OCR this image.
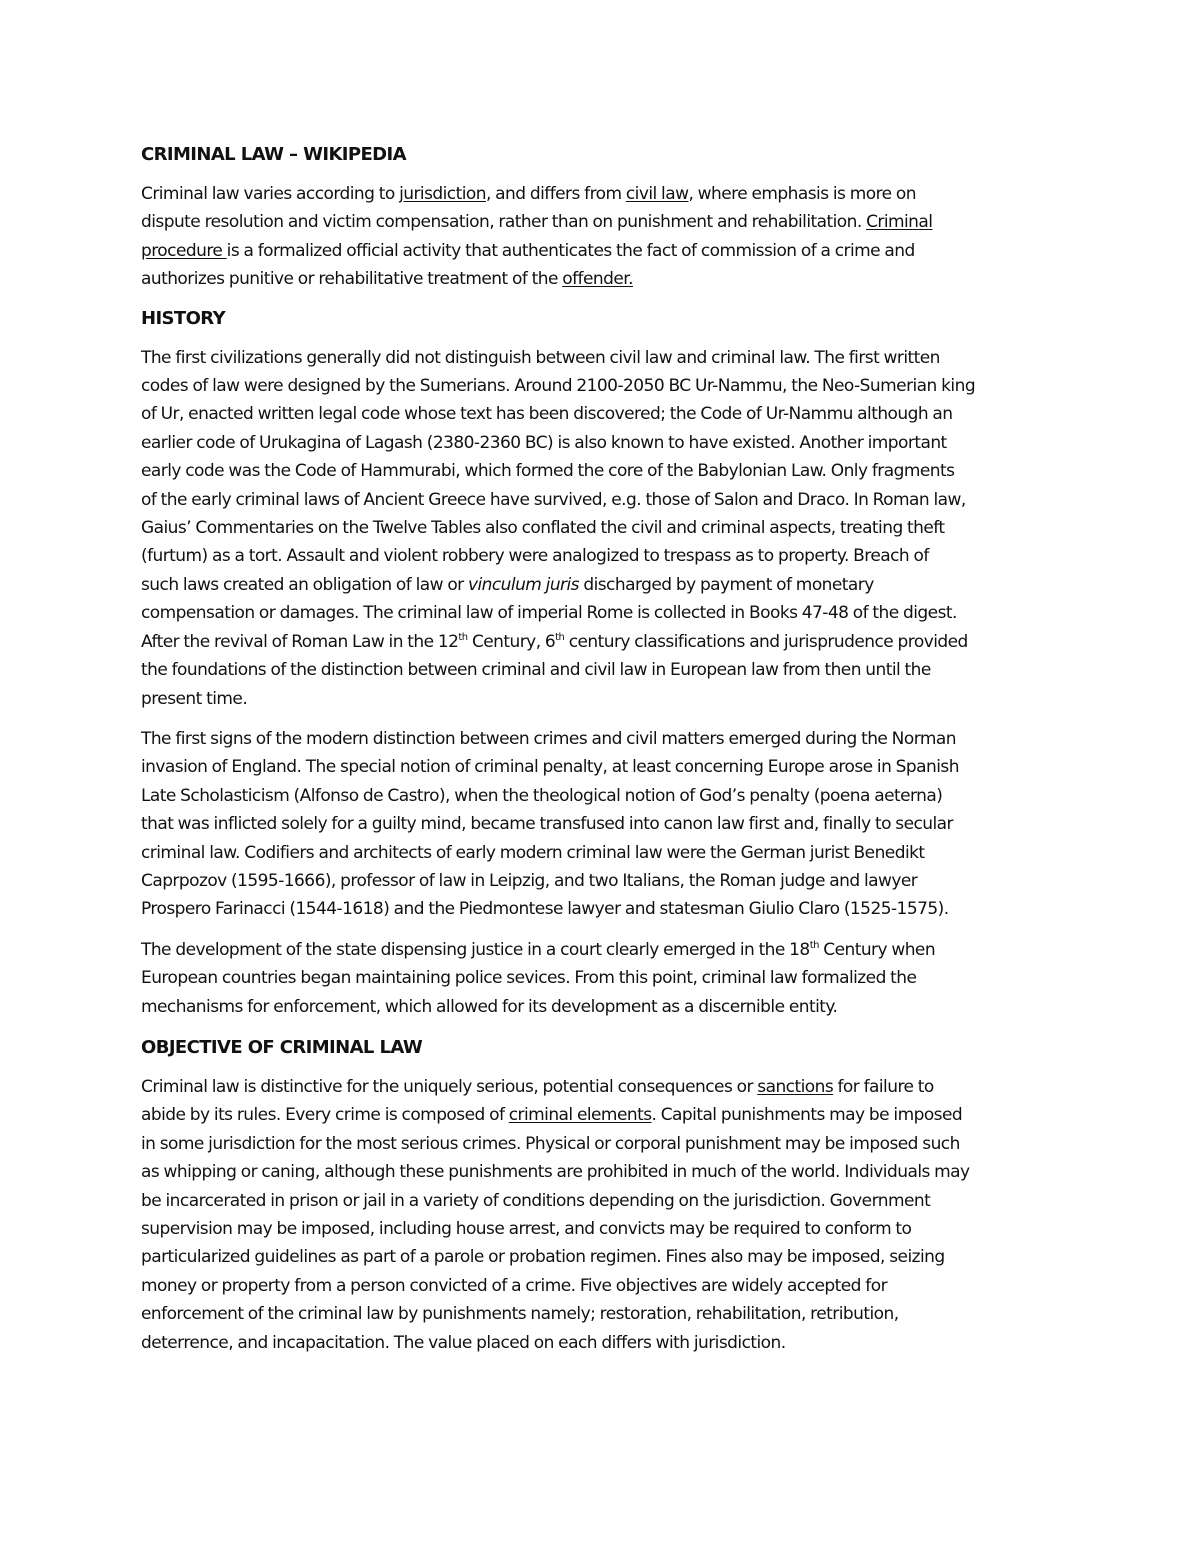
CRIMINAL LAW – WIKIPEDIA

Criminal law varies according to jurisdiction, and differs from civil law, where emphasis is more on
dispute resolution and victim compensation, rather than on punishment and rehabilitation. Criminal
procedure is a formalized official activity that authenticates the fact of commission of a crime and
authorizes punitive or rehabilitative treatment of the offender.

HISTORY

The first civilizations generally did not distinguish between civil law and criminal law. The first written
codes of law were designed by the Sumerians. Around 2100-2050 BC Ur-Nammu, the Neo-Sumerian king
of Ur, enacted written legal code whose text has been discovered; the Code of Ur-Nammu although an
earlier code of Urukagina of Lagash (2380-2360 BC) is also known to have existed. Another important
early code was the Code of Hammurabi, which formed the core of the Babylonian Law. Only fragments
of the early criminal laws of Ancient Greece have survived, e.g. those of Salon and Draco. In Roman law,
Gaius’ Commentaries on the Twelve Tables also conflated the civil and criminal aspects, treating theft
(furtum) as a tort. Assault and violent robbery were analogized to trespass as to property. Breach of
such laws created an obligation of law or vinculum juris discharged by payment of monetary
compensation or damages. The criminal law of imperial Rome is collected in Books 47-48 of the digest.
After the revival of Roman Law in the 12th Century, 6th century classifications and jurisprudence provided
the foundations of the distinction between criminal and civil law in European law from then until the
present time.

The first signs of the modern distinction between crimes and civil matters emerged during the Norman
invasion of England. The special notion of criminal penalty, at least concerning Europe arose in Spanish
Late Scholasticism (Alfonso de Castro), when the theological notion of God’s penalty (poena aeterna)
that was inflicted solely for a guilty mind, became transfused into canon law first and, finally to secular
criminal law. Codifiers and architects of early modern criminal law were the German jurist Benedikt
Caprpozov (1595-1666), professor of law in Leipzig, and two Italians, the Roman judge and lawyer
Prospero Farinacci (1544-1618) and the Piedmontese lawyer and statesman Giulio Claro (1525-1575).

The development of the state dispensing justice in a court clearly emerged in the 18th Century when
European countries began maintaining police sevices. From this point, criminal law formalized the
mechanisms for enforcement, which allowed for its development as a discernible entity.

OBJECTIVE OF CRIMINAL LAW

Criminal law is distinctive for the uniquely serious, potential consequences or sanctions for failure to
abide by its rules. Every crime is composed of criminal elements. Capital punishments may be imposed
in some jurisdiction for the most serious crimes. Physical or corporal punishment may be imposed such
as whipping or caning, although these punishments are prohibited in much of the world. Individuals may
be incarcerated in prison or jail in a variety of conditions depending on the jurisdiction. Government
supervision may be imposed, including house arrest, and convicts may be required to conform to
particularized guidelines as part of a parole or probation regimen. Fines also may be imposed, seizing
money or property from a person convicted of a crime. Five objectives are widely accepted for
enforcement of the criminal law by punishments namely; restoration, rehabilitation, retribution,
deterrence, and incapacitation. The value placed on each differs with jurisdiction.
